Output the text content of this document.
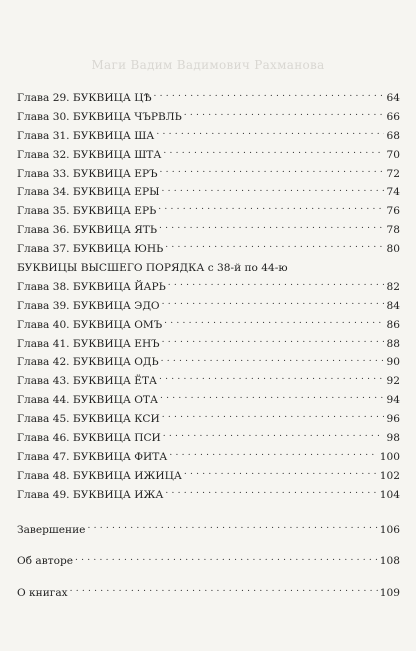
Маги Вадим Вадимович Рахманова
Глава 29. БУКВИЦА ЦѢ . . .	64
Глава 30. БУКВИЦА ЧЪРВЛЬ . . .	66
Глава 31. БУКВИЦА ША . . .	68
Глава 32. БУКВИЦА ШТА . . .	70
Глава 33. БУКВИЦА ЕРЪ . . .	72
Глава 34. БУКВИЦА ЕРЫ . . .	74
Глава 35. БУКВИЦА ЕРЬ . . .	76
Глава 36. БУКВИЦА ЯТЬ . . .	78
Глава 37. БУКВИЦА ЮНЬ . . .	80
БУКВИЦЫ ВЫСШЕГО ПОРЯДКА с 38-й по 44-ю
Глава 38. БУКВИЦА ЙАРЬ . . .	82
Глава 39. БУКВИЦА ЭДО . . .	84
Глава 40. БУКВИЦА ОМЪ . . .	86
Глава 41. БУКВИЦА ЕНЪ . . .	88
Глава 42. БУКВИЦА ОДЬ . . .	90
Глава 43. БУКВИЦА ЁТА . . .	92
Глава 44. БУКВИЦА ОТА . . .	94
Глава 45. БУКВИЦА КСИ . . .	96
Глава 46. БУКВИЦА ПСИ . . .	98
Глава 47. БУКВИЦА ФИТА . . .	100
Глава 48. БУКВИЦА ИЖИЦА . . .	102
Глава 49. БУКВИЦА ИЖА . . .	104
Завершение . . .	106
Об авторе . . .	108
О книгах . . .	109
